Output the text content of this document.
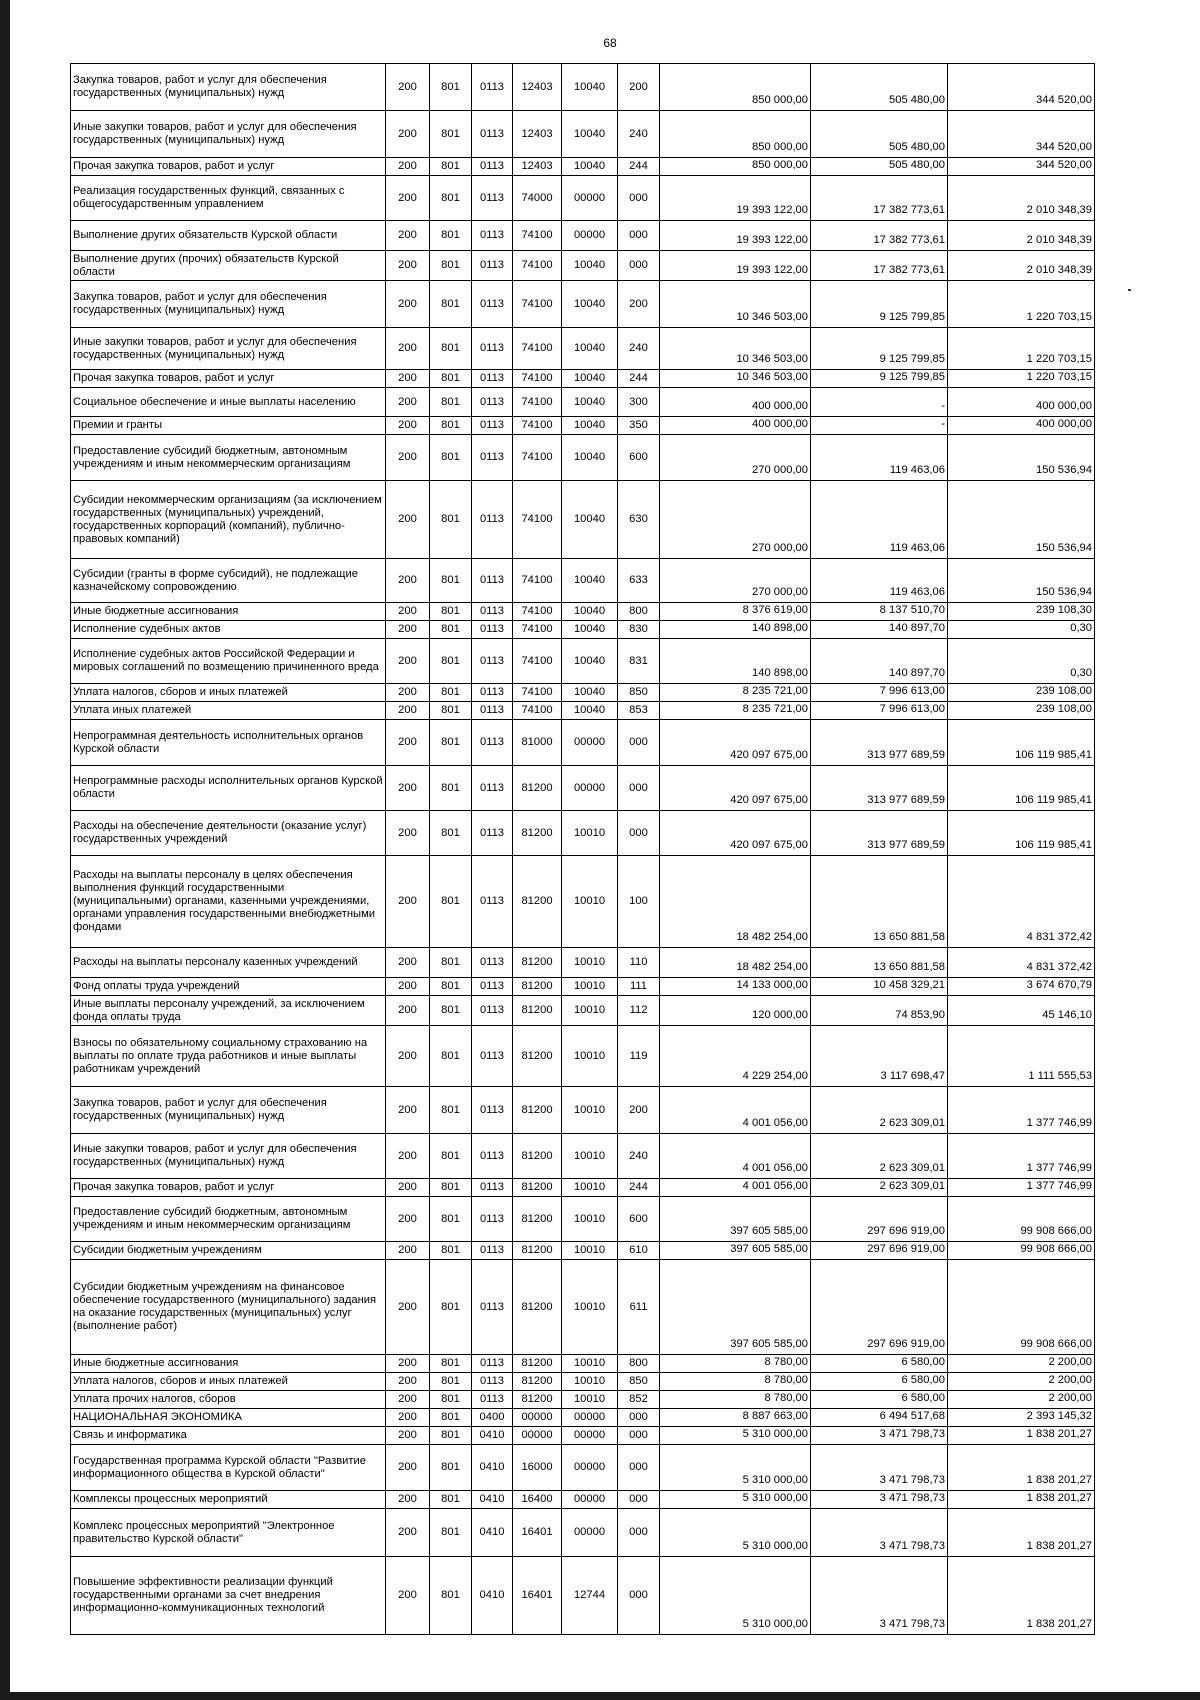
68
Закупка товаров, работ и услуг для обеспечения государственных (муниципальных) нужд	200	801	0113	12403	10040	200	850 000,00	505 480,00	344 520,00
Иные закупки товаров, работ и услуг для обеспечения государственных (муниципальных) нужд	200	801	0113	12403	10040	240	850 000,00	505 480,00	344 520,00
Прочая закупка товаров, работ и услуг	200	801	0113	12403	10040	244	850 000,00	505 480,00	344 520,00
Реализация государственных функций, связанных с общегосударственным управлением	200	801	0113	74000	00000	000	19 393 122,00	17 382 773,61	2 010 348,39
Выполнение других обязательств Курской области	200	801	0113	74100	00000	000	19 393 122,00	17 382 773,61	2 010 348,39
Выполнение других (прочих) обязательств Курской области	200	801	0113	74100	10040	000	19 393 122,00	17 382 773,61	2 010 348,39
Закупка товаров, работ и услуг для обеспечения государственных (муниципальных) нужд	200	801	0113	74100	10040	200	10 346 503,00	9 125 799,85	1 220 703,15
Иные закупки товаров, работ и услуг для обеспечения государственных (муниципальных) нужд	200	801	0113	74100	10040	240	10 346 503,00	9 125 799,85	1 220 703,15
Прочая закупка товаров, работ и услуг	200	801	0113	74100	10040	244	10 346 503,00	9 125 799,85	1 220 703,15
Социальное обеспечение и иные выплаты населению	200	801	0113	74100	10040	300	400 000,00	-	400 000,00
Премии и гранты	200	801	0113	74100	10040	350	400 000,00	-	400 000,00
Предоставление субсидий бюджетным, автономным учреждениям и иным некоммерческим организациям	200	801	0113	74100	10040	600	270 000,00	119 463,06	150 536,94
Субсидии некоммерческим организациям (за исключением государственных (муниципальных) учреждений, государственных корпораций (компаний), публично-правовых компаний)	200	801	0113	74100	10040	630	270 000,00	119 463,06	150 536,94
Субсидии (гранты в форме субсидий), не подлежащие казначейскому сопровождению	200	801	0113	74100	10040	633	270 000,00	119 463,06	150 536,94
Иные бюджетные ассигнования	200	801	0113	74100	10040	800	8 376 619,00	8 137 510,70	239 108,30
Исполнение судебных актов	200	801	0113	74100	10040	830	140 898,00	140 897,70	0,30
Исполнение судебных актов Российской Федерации и мировых соглашений по возмещению причиненного вреда	200	801	0113	74100	10040	831	140 898,00	140 897,70	0,30
Уплата налогов, сборов и иных платежей	200	801	0113	74100	10040	850	8 235 721,00	7 996 613,00	239 108,00
Уплата иных платежей	200	801	0113	74100	10040	853	8 235 721,00	7 996 613,00	239 108,00
Непрограммная деятельность исполнительных органов Курской области	200	801	0113	81000	00000	000	420 097 675,00	313 977 689,59	106 119 985,41
Непрограммные расходы исполнительных органов Курской области	200	801	0113	81200	00000	000	420 097 675,00	313 977 689,59	106 119 985,41
Расходы на обеспечение деятельности (оказание услуг) государственных учреждений	200	801	0113	81200	10010	000	420 097 675,00	313 977 689,59	106 119 985,41
Расходы на выплаты персоналу в целях обеспечения выполнения функций государственными (муниципальными) органами, казенными учреждениями, органами управления государственными внебюджетными фондами	200	801	0113	81200	10010	100	18 482 254,00	13 650 881,58	4 831 372,42
Расходы на выплаты персоналу казенных учреждений	200	801	0113	81200	10010	110	18 482 254,00	13 650 881,58	4 831 372,42
Фонд оплаты труда учреждений	200	801	0113	81200	10010	111	14 133 000,00	10 458 329,21	3 674 670,79
Иные выплаты персоналу учреждений, за исключением фонда оплаты труда	200	801	0113	81200	10010	112	120 000,00	74 853,90	45 146,10
Взносы по обязательному социальному страхованию на выплаты по оплате труда работников и иные выплаты работникам учреждений	200	801	0113	81200	10010	119	4 229 254,00	3 117 698,47	1 111 555,53
Закупка товаров, работ и услуг для обеспечения государственных (муниципальных) нужд	200	801	0113	81200	10010	200	4 001 056,00	2 623 309,01	1 377 746,99
Иные закупки товаров, работ и услуг для обеспечения государственных (муниципальных) нужд	200	801	0113	81200	10010	240	4 001 056,00	2 623 309,01	1 377 746,99
Прочая закупка товаров, работ и услуг	200	801	0113	81200	10010	244	4 001 056,00	2 623 309,01	1 377 746,99
Предоставление субсидий бюджетным, автономным учреждениям и иным некоммерческим организациям	200	801	0113	81200	10010	600	397 605 585,00	297 696 919,00	99 908 666,00
Субсидии бюджетным учреждениям	200	801	0113	81200	10010	610	397 605 585,00	297 696 919,00	99 908 666,00
Субсидии бюджетным учреждениям на финансовое обеспечение государственного (муниципального) задания на оказание государственных (муниципальных) услуг (выполнение работ)	200	801	0113	81200	10010	611	397 605 585,00	297 696 919,00	99 908 666,00
Иные бюджетные ассигнования	200	801	0113	81200	10010	800	8 780,00	6 580,00	2 200,00
Уплата налогов, сборов и иных платежей	200	801	0113	81200	10010	850	8 780,00	6 580,00	2 200,00
Уплата прочих налогов, сборов	200	801	0113	81200	10010	852	8 780,00	6 580,00	2 200,00
НАЦИОНАЛЬНАЯ ЭКОНОМИКА	200	801	0400	00000	00000	000	8 887 663,00	6 494 517,68	2 393 145,32
Связь и информатика	200	801	0410	00000	00000	000	5 310 000,00	3 471 798,73	1 838 201,27
Государственная программа Курской области "Развитие информационного общества в Курской области"	200	801	0410	16000	00000	000	5 310 000,00	3 471 798,73	1 838 201,27
Комплексы процессных мероприятий	200	801	0410	16400	00000	000	5 310 000,00	3 471 798,73	1 838 201,27
Комплекс процессных мероприятий "Электронное правительство Курской области"	200	801	0410	16401	00000	000	5 310 000,00	3 471 798,73	1 838 201,27
Повышение эффективности реализации функций государственными органами за счет внедрения информационно-коммуникационных технологий	200	801	0410	16401	12744	000	5 310 000,00	3 471 798,73	1 838 201,27
